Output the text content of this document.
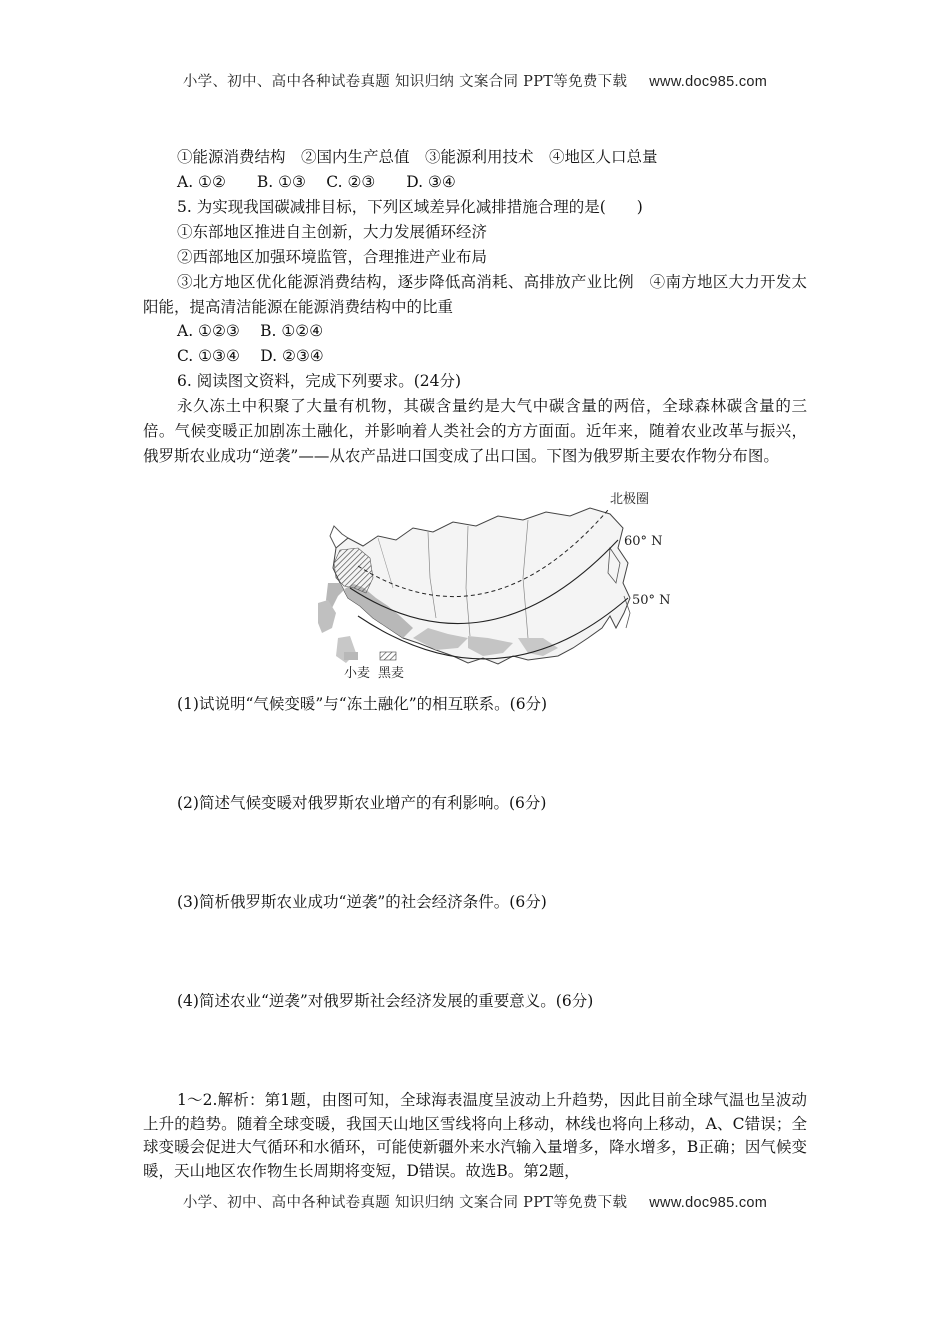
小学、初中、高中各种试卷真题 知识归纳 文案合同 PPT等免费下载 www.doc985.com
①能源消费结构　②国内生产总值　③能源利用技术　④地区人口总量
A. ①②　　B. ①③　 C. ②③　　D. ③④
5. 为实现我国碳减排目标，下列区域差异化减排措施合理的是(　　)
①东部地区推进自主创新，大力发展循环经济
②西部地区加强环境监管，合理推进产业布局
③北方地区优化能源消费结构，逐步降低高消耗、高排放产业比例　④南方地区大力开发太阳能，提高清洁能源在能源消费结构中的比重
A. ①②③　 B. ①②④
C. ①③④　 D. ②③④
6. 阅读图文资料，完成下列要求。(24分)
永久冻土中积聚了大量有机物，其碳含量约是大气中碳含量的两倍，全球森林碳含量的三倍。气候变暖正加剧冻土融化，并影响着人类社会的方方面面。近年来，随着农业改革与振兴，俄罗斯农业成功“逆袭”——从农产品进口国变成了出口国。下图为俄罗斯主要农作物分布图。
北极圈
60° N
50° N
小麦 黑麦
(1)试说明“气候变暖”与“冻土融化”的相互联系。(6分)
(2)简述气候变暖对俄罗斯农业增产的有利影响。(6分)
(3)简析俄罗斯农业成功“逆袭”的社会经济条件。(6分)
(4)简述农业“逆袭”对俄罗斯社会经济发展的重要意义。(6分)
1～2.解析：第1题，由图可知，全球海表温度呈波动上升趋势，因此目前全球气温也呈波动上升的趋势。随着全球变暖，我国天山地区雪线将向上移动，林线也将向上移动，A、C错误；全球变暖会促进大气循环和水循环，可能使新疆外来水汽输入量增多，降水增多，B正确；因气候变暖，天山地区农作物生长周期将变短，D错误。故选B。第2题，
小学、初中、高中各种试卷真题 知识归纳 文案合同 PPT等免费下载 www.doc985.com
